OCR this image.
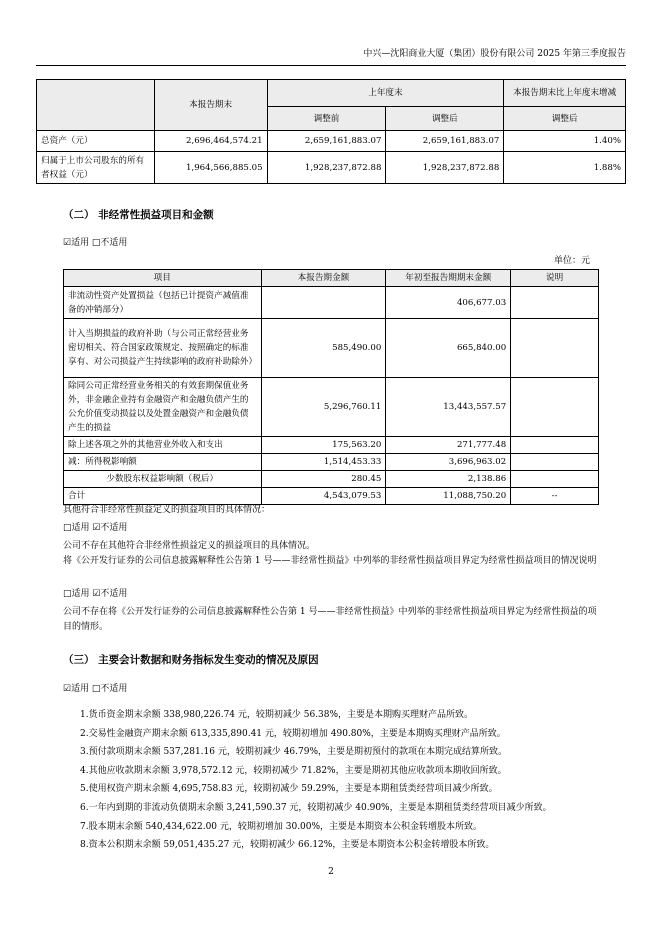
中兴—沈阳商业大厦（集团）股份有限公司 2025 年第三季度报告
	本报告期末	上年度末		本报告期末比上年度末增减
		调整前	调整后	调整后
总资产（元）	2,696,464,574.21	2,659,161,883.07	2,659,161,883.07	1.40%
归属于上市公司股东的所有者权益（元）	1,964,566,885.05	1,928,237,872.88	1,928,237,872.88	1.88%
（二） 非经常性损益项目和金额
☑适用 □不适用
单位：元
项目	本报告期金额	年初至报告期期末金额	说明
非流动性资产处置损益（包括已计提资产减值准备的冲销部分）		406,677.03	
计入当期损益的政府补助（与公司正常经营业务密切相关、符合国家政策规定、按照确定的标准享有、对公司损益产生持续影响的政府补助除外）	585,490.00	665,840.00	
除同公司正常经营业务相关的有效套期保值业务外，非金融企业持有金融资产和金融负债产生的公允价值变动损益以及处置金融资产和金融负债产生的损益	5,296,760.11	13,443,557.57	
除上述各项之外的其他营业外收入和支出	175,563.20	271,777.48	
减：所得税影响额	1,514,453.33	3,696,963.02	
少数股东权益影响额（税后）	280.45	2,138.86	
合计	4,543,079.53	11,088,750.20	--
其他符合非经常性损益定义的损益项目的具体情况：
□适用 ☑不适用
公司不存在其他符合非经常性损益定义的损益项目的具体情况。
将《公开发行证券的公司信息披露解释性公告第 1 号——非经常性损益》中列举的非经常性损益项目界定为经常性损益项目的情况说明
□适用 ☑不适用
公司不存在将《公开发行证券的公司信息披露解释性公告第 1 号——非经常性损益》中列举的非经常性损益项目界定为经常性损益的项目的情形。
（三） 主要会计数据和财务指标发生变动的情况及原因
☑适用 □不适用
1.货币资金期末余额 338,980,226.74 元，较期初减少 56.38%，主要是本期购买理财产品所致。
2.交易性金融资产期末余额 613,335,890.41 元，较期初增加 490.80%，主要是本期购买理财产品所致。
3.预付款项期末余额 537,281.16 元，较期初减少 46.79%，主要是期初预付的款项在本期完成结算所致。
4.其他应收款期末余额 3,978,572.12 元，较期初减少 71.82%，主要是期初其他应收款项本期收回所致。
5.使用权资产期末余额 4,695,758.83 元，较期初减少 59.29%，主要是本期租赁类经营项目减少所致。
6.一年内到期的非流动负债期末余额 3,241,590.37 元，较期初减少 40.90%，主要是本期租赁类经营项目减少所致。
7.股本期末余额 540,434,622.00 元，较期初增加 30.00%，主要是本期资本公积金转增股本所致。
8.资本公积期末余额 59,051,435.27 元，较期初减少 66.12%，主要是本期资本公积金转增股本所致。
2
